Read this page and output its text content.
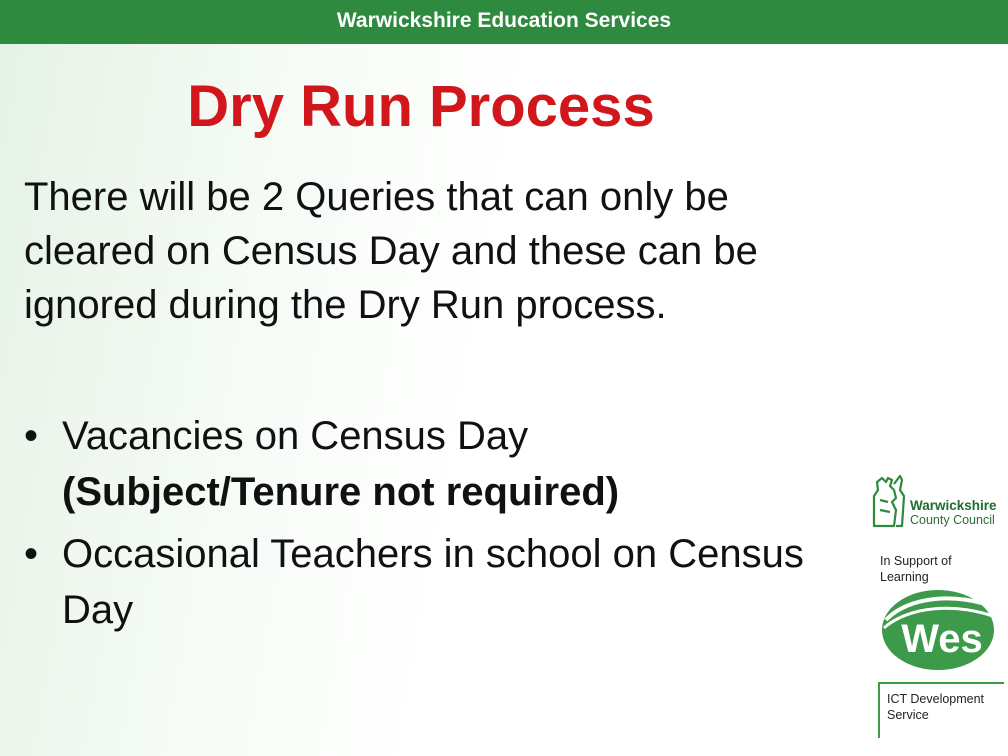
Warwickshire Education Services
Dry Run Process
There will be 2 Queries that can only be cleared on Census Day and these can be ignored during the Dry Run process.
• Vacancies on Census Day
(Subject/Tenure not required)
• Occasional Teachers in school on Census Day
Warwickshire
County Council
In Support of Learning
Wes
ICT Development Service
